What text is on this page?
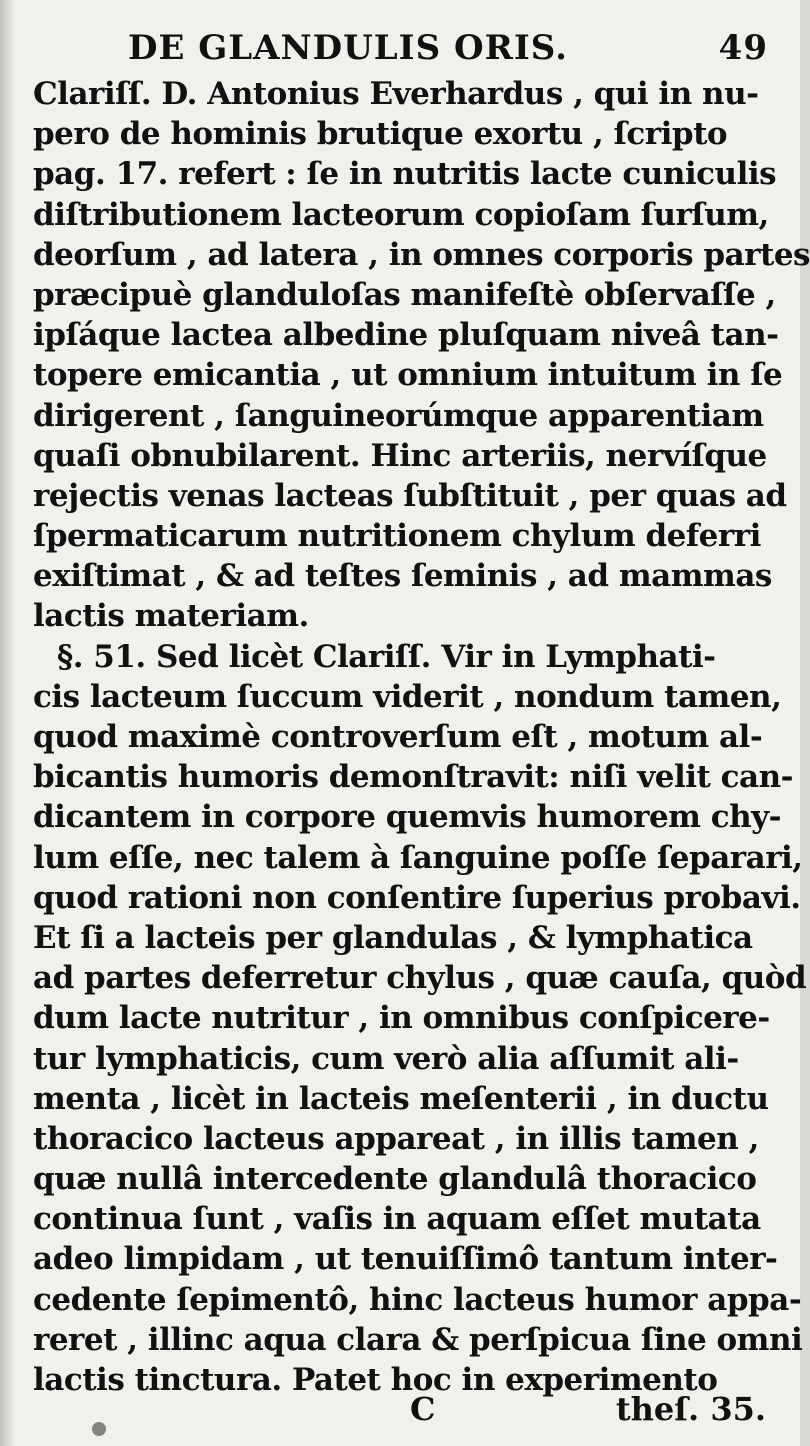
DE GLANDULIS ORIS.	49
Clariſſ. D. Antonius Everhardus , qui in nu-
pero de hominis brutique exortu , ſcripto
pag. 17. refert : ſe in nutritis lacte cuniculis
diſtributionem lacteorum copioſam ſurſum,
deorſum , ad latera , in omnes corporis partes
præcipuè glanduloſas manifeſtè obſervaſſe ,
ipſáque lactea albedine pluſquam niveâ tan-
topere emicantia , ut omnium intuitum in ſe
dirigerent , ſanguineorúmque apparentiam
quaſi obnubilarent. Hinc arteriis, nervíſque
rejectis venas lacteas ſubſtituit , per quas ad
ſpermaticarum nutritionem chylum deferri
exiſtimat , & ad teſtes ſeminis , ad mammas
lactis materiam.
§. 51. Sed licèt Clariſſ. Vir in Lymphati-
cis lacteum ſuccum viderit , nondum tamen,
quod maximè controverſum eſt , motum al-
bicantis humoris demonſtravit: niſi velit can-
dicantem in corpore quemvis humorem chy-
lum eſſe, nec talem à ſanguine poſſe ſeparari,
quod rationi non conſentire ſuperius probavi.
Et ſi a lacteis per glandulas , & lymphatica
ad partes deferretur chylus , quæ cauſa, quòd
dum lacte nutritur , in omnibus conſpicere-
tur lymphaticis, cum verò alia aſſumit ali-
menta , licèt in lacteis meſenterii , in ductu
thoracico lacteus appareat , in illis tamen ,
quæ nullâ intercedente glandulâ thoracico
continua ſunt , vaſis in aquam eſſet mutata
adeo limpidam , ut tenuiſſimô tantum inter-
cedente ſepimentô, hinc lacteus humor appa-
reret , illinc aqua clara & perſpicua ſine omni
lactis tinctura. Patet hoc in experimento
C	theſ. 35.
